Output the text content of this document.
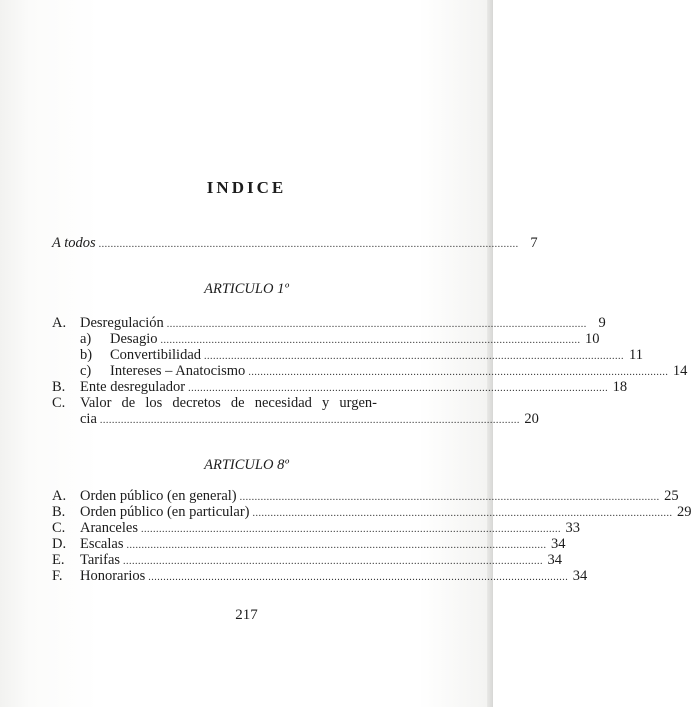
INDICE
A todos ............................................................................................................................................ 7
ARTICULO 1º
A. Desregulación ............................................................................................................................................ 9
a)	Desagio ............................................................................................................................................ 10
b)	Convertibilidad ............................................................................................................................................ 11
c)	Intereses – Anatocismo ............................................................................................................................................ 14
B.	Ente desregulador ............................................................................................................................................ 18
C.	Valor de los decretos de necesidad y urgen-
cia ............................................................................................................................................ 20
ARTICULO 8º
A. Orden público (en general) ............................................................................................................................................ 25
B.	Orden público (en particular) ............................................................................................................................................ 29
C.	Aranceles ............................................................................................................................................ 33
D. Escalas ............................................................................................................................................ 34
E.	Tarifas ............................................................................................................................................ 34
F.	Honorarios ............................................................................................................................................ 34
217
